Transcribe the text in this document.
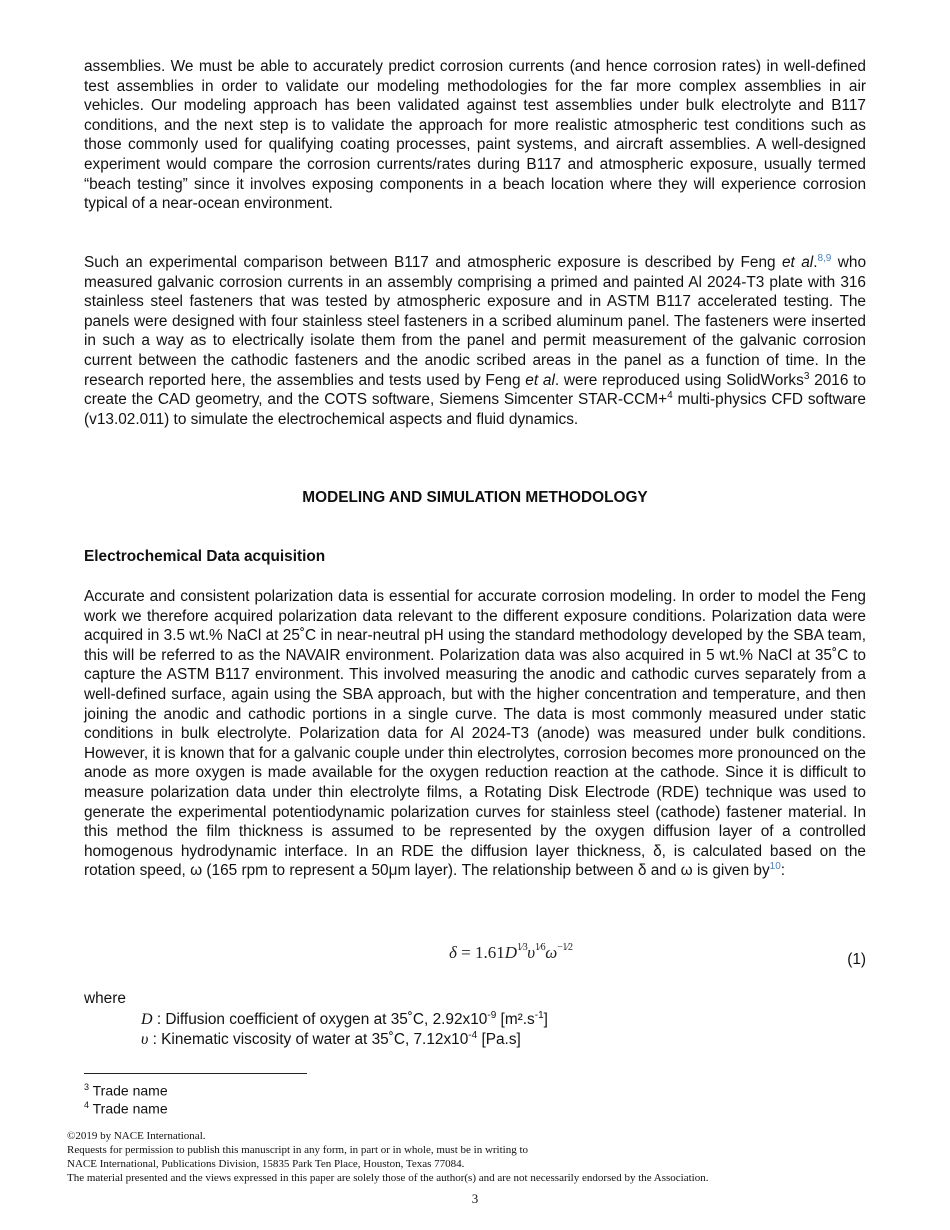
assemblies. We must be able to accurately predict corrosion currents (and hence corrosion rates) in well-defined test assemblies in order to validate our modeling methodologies for the far more complex assemblies in air vehicles. Our modeling approach has been validated against test assemblies under bulk electrolyte and B117 conditions, and the next step is to validate the approach for more realistic atmospheric test conditions such as those commonly used for qualifying coating processes, paint systems, and aircraft assemblies. A well-designed experiment would compare the corrosion currents/rates during B117 and atmospheric exposure, usually termed “beach testing” since it involves exposing components in a beach location where they will experience corrosion typical of a near-ocean environment.

Such an experimental comparison between B117 and atmospheric exposure is described by Feng et al.$^{8,9}$ who measured galvanic corrosion currents in an assembly comprising a primed and painted Al 2024-T3 plate with 316 stainless steel fasteners that was tested by atmospheric exposure and in ASTM B117 accelerated testing. The panels were designed with four stainless steel fasteners in a scribed aluminum panel. The fasteners were inserted in such a way as to electrically isolate them from the panel and permit measurement of the galvanic corrosion current between the cathodic fasteners and the anodic scribed areas in the panel as a function of time. In the research reported here, the assemblies and tests used by Feng et al. were reproduced using SolidWorks$^3$ 2016 to create the CAD geometry, and the COTS software, Siemens Simcenter STAR-CCM+$^4$ multi-physics CFD software (v13.02.011) to simulate the electrochemical aspects and fluid dynamics.

MODELING AND SIMULATION METHODOLOGY
Electrochemical Data acquisition

Accurate and consistent polarization data is essential for accurate corrosion modeling. In order to model the Feng work we therefore acquired polarization data relevant to the different exposure conditions. Polarization data were acquired in 3.5 wt.% NaCl at 25˚C in near-neutral pH using the standard methodology developed by the SBA team, this will be referred to as the NAVAIR environment. Polarization data was also acquired in 5 wt.% NaCl at 35˚C to capture the ASTM B117 environment. This involved measuring the anodic and cathodic curves separately from a well-defined surface, again using the SBA approach, but with the higher concentration and temperature, and then joining the anodic and cathodic portions in a single curve. The data is most commonly measured under static conditions in bulk electrolyte. Polarization data for Al 2024-T3 (anode) was measured under bulk conditions. However, it is known that for a galvanic couple under thin electrolytes, corrosion becomes more pronounced on the anode as more oxygen is made available for the oxygen reduction reaction at the cathode. Since it is difficult to measure polarization data under thin electrolyte films, a Rotating Disk Electrode (RDE) technique was used to generate the experimental potentiodynamic polarization curves for stainless steel (cathode) fastener material. In this method the film thickness is assumed to be represented by the oxygen diffusion layer of a controlled homogenous hydrodynamic interface. In an RDE the diffusion layer thickness, δ, is calculated based on the rotation speed, ω (165 rpm to represent a 50μm layer). The relationship between δ and ω is given by$^{10}$:

$\delta = 1.61D^{1⁄3}\upsilon^{1⁄6}\omega^{-1⁄2}$
(1)
where
D : Diffusion coefficient of oxygen at 35˚C, $2.92x10^{-9}$ $[m^2.s^{-1}]$
υ : Kinematic viscosity of water at 35˚C, $7.12x10^{-4}$ [Pa.s]
$^3$ Trade name
$^4$ Trade name
©2019 by NACE International.
Requests for permission to publish this manuscript in any form, in part or in whole, must be in writing to
NACE International, Publications Division, 15835 Park Ten Place, Houston, Texas 77084.
The material presented and the views expressed in this paper are solely those of the author(s) and are not necessarily endorsed by the Association.
3
